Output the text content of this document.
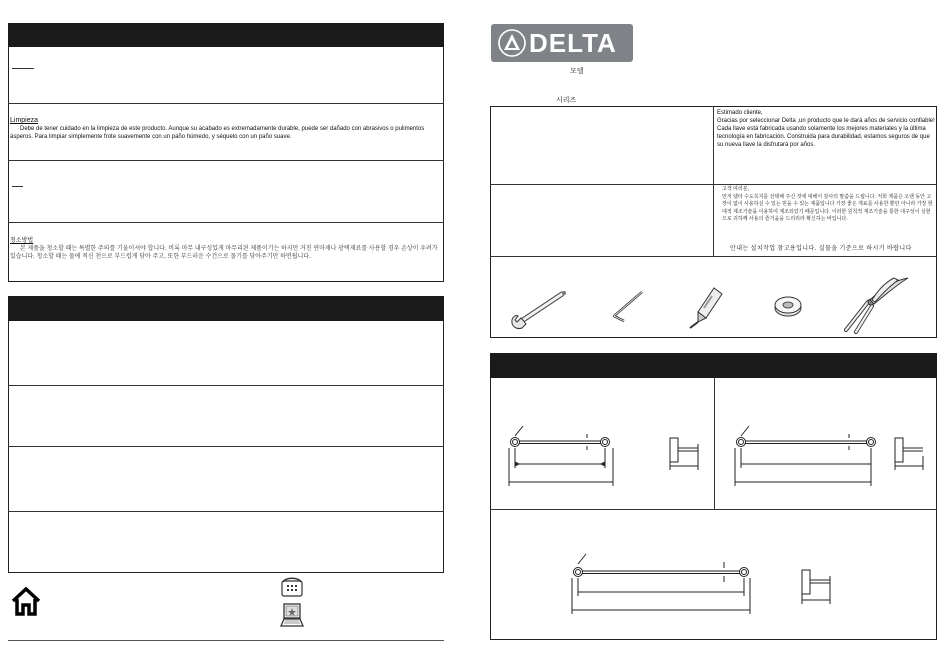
Limpieza
Debe de tener cuidado en la limpieza de este producto. Aunque su acabado es extremadamente durable, puede ser dañado con abrasivos o pulimentos ásperos. Para limpiar simplemente frote suavemente con un paño húmedo, y séquelo con un paño suave.
청소방법
본 제품을 청소할 때는 특별한 주의를 기울이셔야 합니다. 비록 마무 내구성있게 마무리된 제품이기는 하지만 거친 연마재나 광택재료를 사용할 경우 손상이 우려가 있습니다. 청소할 때는 물에 적신 천으로 부드럽게 닦아 주고, 또한 부드러운 수건으로 물기를 닦아주기만 하면됩니다.
DELTA
모델
시리즈
Estimado cliente,
Gracias por seleccionar Delta ,un producto que le dará años de servicio confiable! Cada llave está fabricada usando solamente los mejores materiales y la última tecnología en fabricación. Construida para durabilidad, estamos seguros de que su nueva llave la disfrutará por años.
고객 여러분,
먼저 델타 수도꼭지를 선택해 주신 것에 대해서 감사의 말씀을 드립니다. 저희 제품은 오랜 동안 고장이 없이 사용하실 수 있는 믿을 수 있는 제품입니다 가장 좋은 재료를 사용한 뿐만 아니라 가장 현대적 제조기술을 이용하여 제조되었기 때문입니다. 이러한 원칙적 재조기술을 통한 내구성이 실현으로 귀하께 사용의 즐거움을 드리리라 확신하는 바입니다.
안내는 설치작업 참고용입니다. 실물을 기준으로 하시기 바랍니다
